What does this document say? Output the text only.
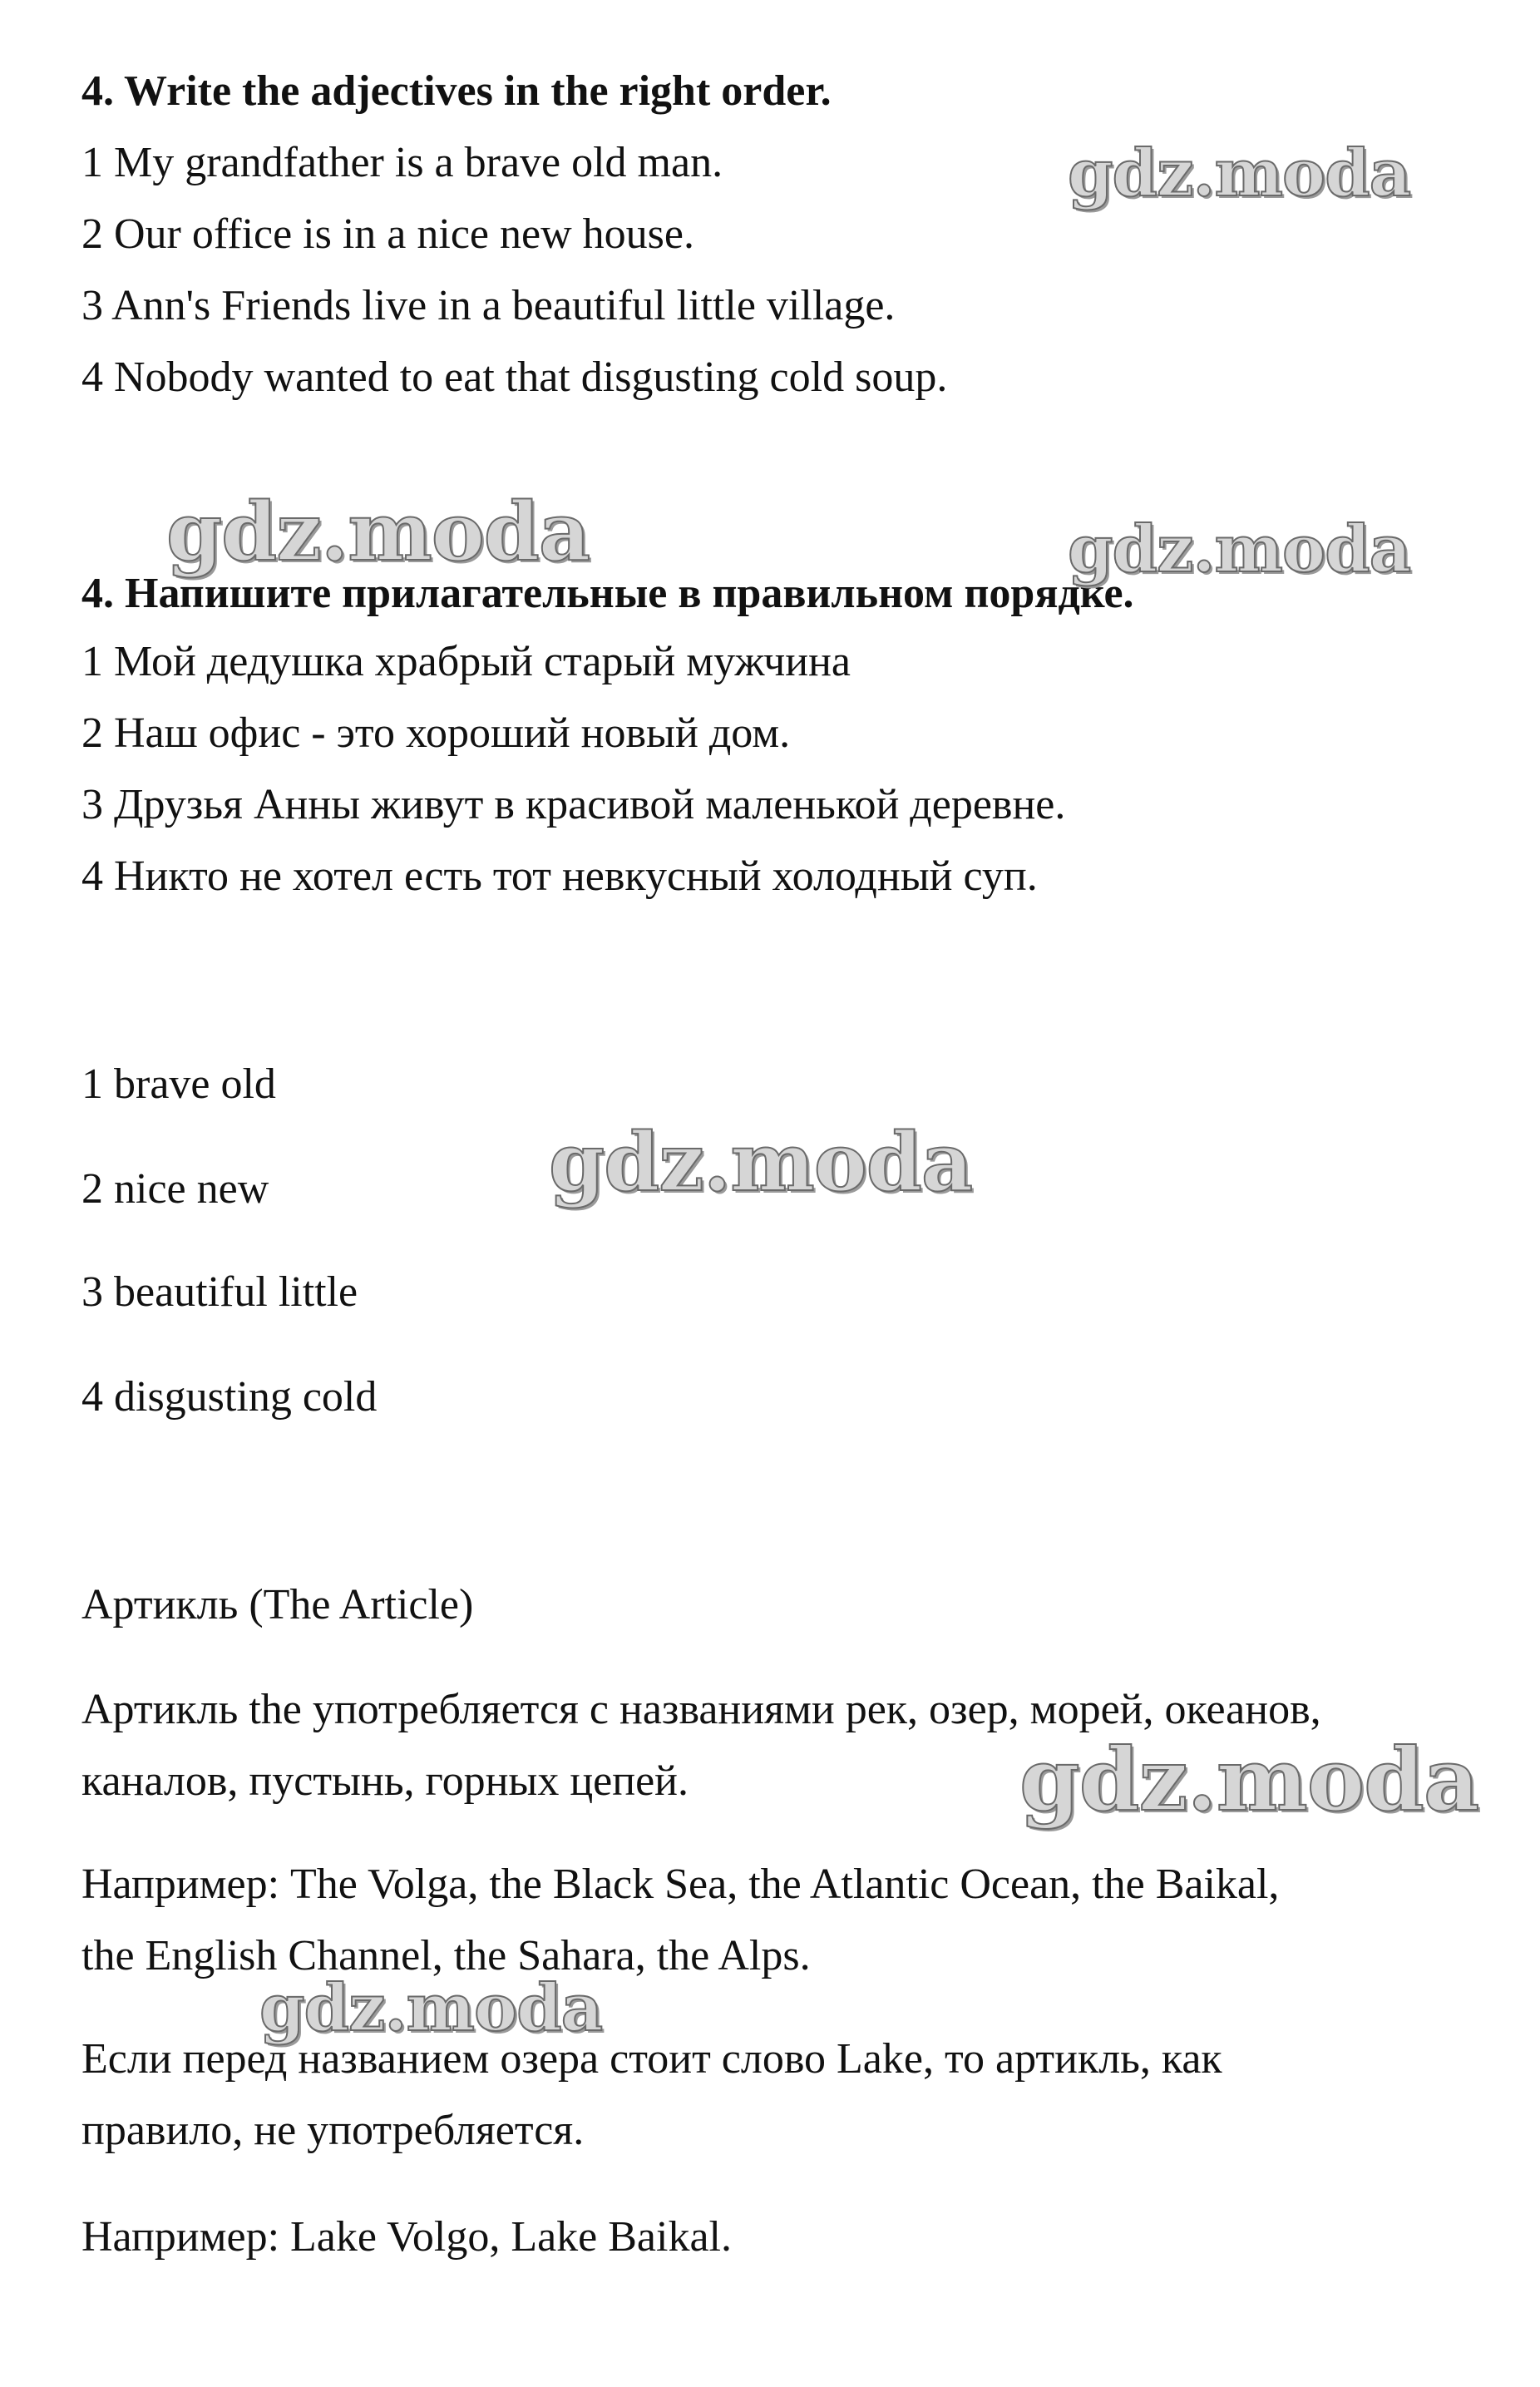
4. Write the adjectives in the right order.

1 My grandfather is a brave old man.

2 Our office is in a nice new house.

3 Ann's Friends live in a beautiful little village.

4 Nobody wanted to eat that disgusting cold soup.

4. Напишите прилагательные в правильном порядке.

1 Мой дедушка храбрый старый мужчина

2 Наш офис - это хороший новый дом.

3 Друзья Анны живут в красивой маленькой деревне.

4 Никто не хотел есть тот невкусный холодный суп.

1 brave old

2 nice new

3 beautiful little

4 disgusting cold

Артикль (The Article)

Артикль the употребляется с названиями рек, озер, морей, океанов,

каналов, пустынь, горных цепей.

Например: The Volga, the Black Sea, the Atlantic Ocean, the Baikal,

the English Channel, the Sahara, the Alps.

Если перед названием озера стоит слово Lake, то артикль, как

правило, не употребляется.

Например: Lake Volgo, Lake Baikal.

gdz.moda
gdz.moda	gdz.moda
gdz.moda
gdz.moda
gdz.moda
